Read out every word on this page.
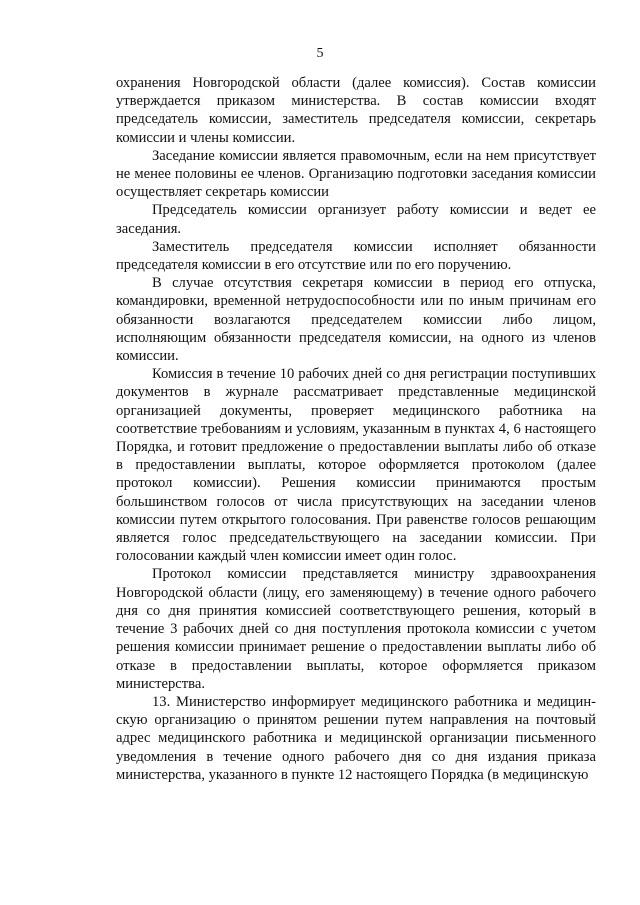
5

охранения Новгородской области (далее комиссия). Состав комиссии утверждается приказом министерства. В состав комиссии входят председатель комиссии, заместитель председателя комиссии, секретарь комиссии и члены комиссии.

Заседание комиссии является правомочным, если на нем присутствует не менее половины ее членов. Организацию подготовки заседания комиссии осуществляет секретарь комиссии

Председатель комиссии организует работу комиссии и ведет ее заседания.

Заместитель председателя комиссии исполняет обязанности председателя комиссии в его отсутствие или по его поручению.

В случае отсутствия секретаря комиссии в период его отпуска, командировки, временной нетрудоспособности или по иным причинам его обязанности возлагаются председателем комиссии либо лицом, исполняющим обязанности председателя комиссии, на одного из членов комиссии.

Комиссия в течение 10 рабочих дней со дня регистрации поступивших документов в журнале рассматривает представленные медицинской организацией документы, проверяет медицинского работника на соответствие требованиям и условиям, указанным в пунктах 4, 6 настоящего Порядка, и готовит предложение о предоставлении выплаты либо об отказе в предоставлении выплаты, которое оформляется протоколом (далее протокол комиссии). Решения комиссии принимаются простым большинством голосов от числа присутствующих на заседании членов комиссии путем открытого голосования. При равенстве голосов решающим является голос председательствующего на заседании комиссии. При голосовании каждый член комиссии имеет один голос.

Протокол комиссии представляется министру здравоохранения Новгородской области (лицу, его заменяющему) в течение одного рабочего дня со дня принятия комиссией соответствующего решения, который в течение 3 рабочих дней со дня поступления протокола комиссии с учетом решения комиссии принимает решение о предоставлении выплаты либо об отказе в предоставлении выплаты, которое оформляется приказом министерства.

13. Министерство информирует медицинского работника и медицин-скую организацию о принятом решении путем направления на почтовый адрес медицинского работника и медицинской организации письменного уведомления в течение одного рабочего дня со дня издания приказа министерства, указанного в пункте 12 настоящего Порядка (в медицинскую
